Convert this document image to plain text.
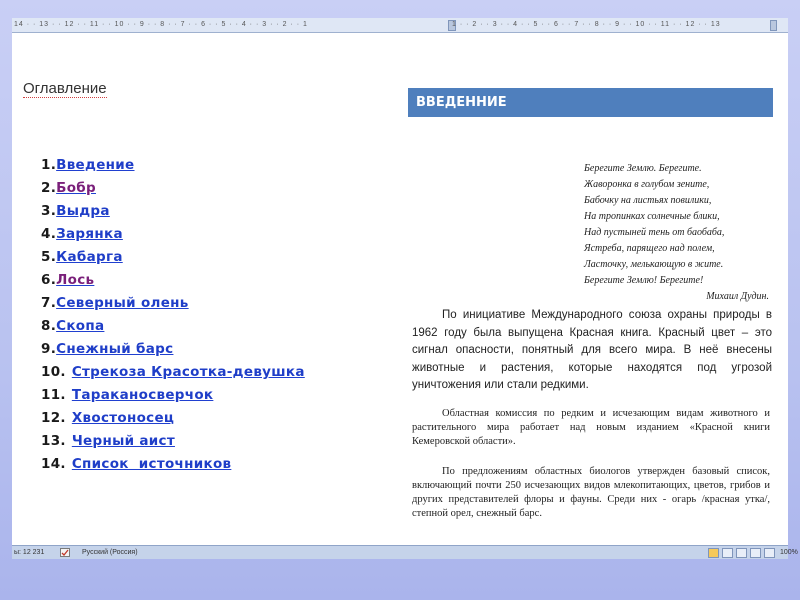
14 · · 13 · · 12 · · 11 · · 10 · · 9 · · 8 · · 7 · · 6 · · 5 · · 4 · · 3 · · 2 · · 1	1 · · 2 · · 3 · · 4 · · 5 · · 6 · · 7 · · 8 · · 9 · · 10 · · 11 · · 12 · · 13
Оглавление
1.Введение
2.Бобр
3.Выдра
4.Зарянка
5.Кабарга
6.Лось
7.Северный олень
8.Скопа
9.Снежный барс
10. Стрекоза Красотка-девушка
11. Тараканосверчок
12. Хвостоносец
13. Черный аист
14. Список  источников
ВВЕДЕННИЕ
Берегите Землю. Берегите.
Жаворонка в голубом зените,
Бабочку на листьях повилики,
На тропинках солнечные блики,
Над пустыней тень от баобаба,
Ястреба, парящего над полем,
Ласточку, мелькающую в жите.
Берегите Землю! Берегите!
Михаил Дудин.
По инициативе Международного союза охраны природы в 1962 году была выпущена Красная книга. Красный цвет – это сигнал опасности, понятный для всего мира. В неё внесены животные и растения, которые находятся под угрозой уничтожения или стали редкими.
Областная комиссия по редким и исчезающим видам животного и растительного мира работает над новым изданием «Красной книги Кемеровской области».
По предложениям областных биологов утвержден базовый список, включающий почти 250 исчезающих видов млекопитающих, цветов, грибов и других представителей флоры и фауны. Среди них - огарь /красная утка/, степной орел, снежный барс.
ы: 12 231	Русский (Россия)	100%
